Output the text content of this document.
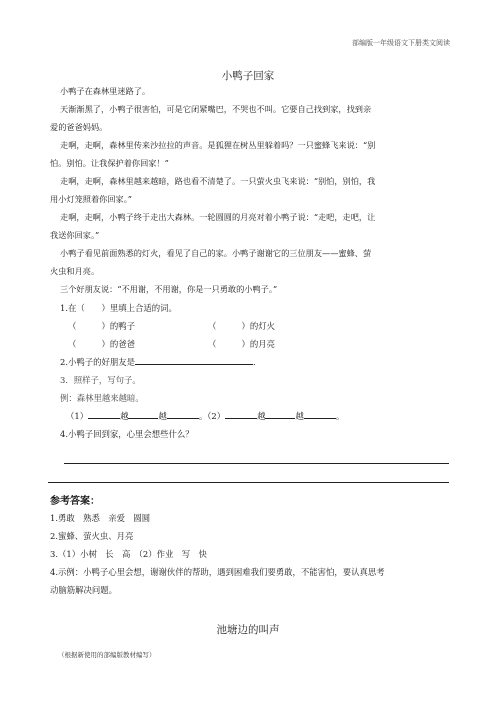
部编版一年级语文下册类文阅读
小鸭子回家
小鸭子在森林里迷路了。
天渐渐黑了，小鸭子很害怕，可是它闭紧嘴巴，不哭也不叫。它要自己找到家，找到亲
爱的爸爸妈妈。
走啊，走啊，森林里传来沙拉拉的声音。是狐狸在树丛里躲着吗？一只蜜蜂飞来说：“别
怕。别怕。让我保护着你回家！”
走啊，走啊，森林里越来越暗，路也看不清楚了。一只萤火虫飞来说：“别怕，别怕，我
用小灯笼照着你回家。”
走啊，走啊，小鸭子终于走出大森林。一轮圆圆的月亮对着小鸭子说：“走吧，走吧，让
我送你回家。”
小鸭子看见前面熟悉的灯火，看见了自己的家。小鸭子谢谢它的三位朋友——蜜蜂、萤
火虫和月亮。
三个好朋友说：“不用谢，不用谢，你是一只勇敢的小鸭子。”
1.在（　　）里填上合适的词。
（　　　）的鸭子	（　　　）的灯火
（　　　）的爸爸	（　　　）的月亮
2.小鸭子的好朋友是	.
3．照样子，写句子。
例：森林里越来越暗。
（1）	越	越	。（2）	越	越	。
4.小鸭子回到家，心里会想些什么？
参考答案：
1.勇敢　熟悉　亲爱　圆圆
2.蜜蜂、萤火虫、月亮
3.（1）小树　长　高　（2）作业　写　快
4.示例：小鸭子心里会想，谢谢伙伴的帮助，遇到困难我们要勇敢，不能害怕，要认真思考
动脑筋解决问题。
池塘边的叫声
（根据新使用的部编版教材编写）
